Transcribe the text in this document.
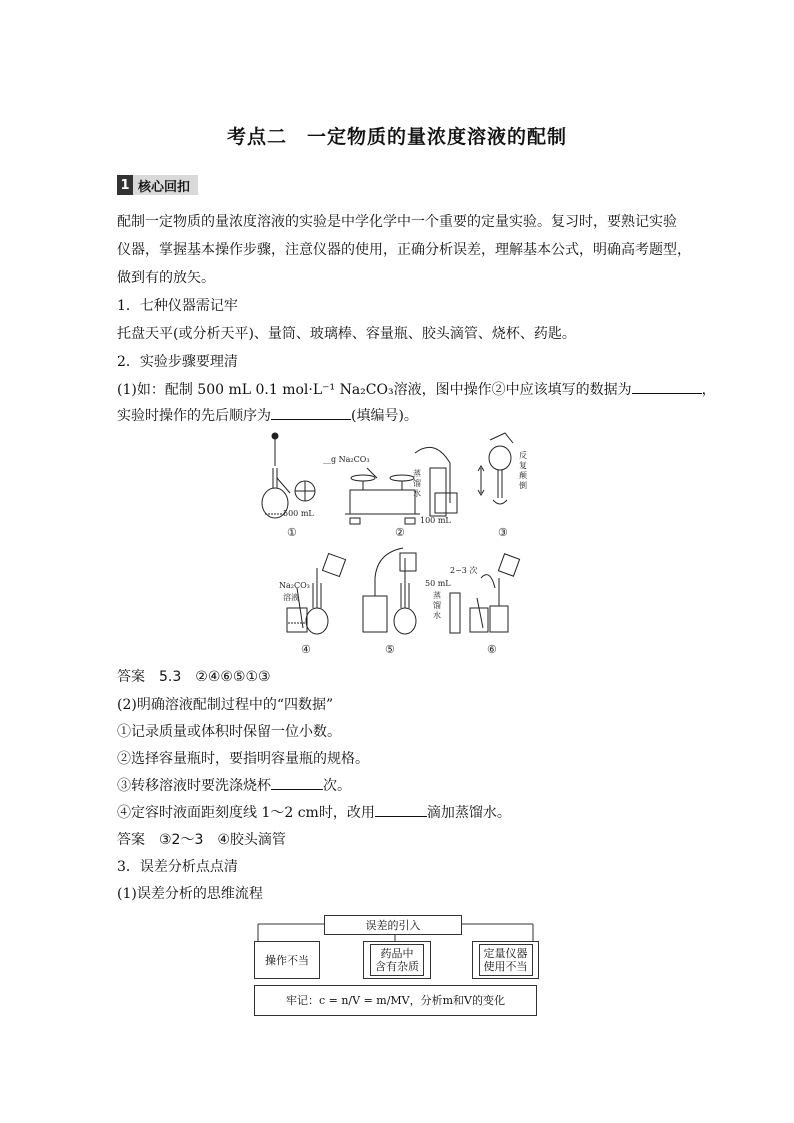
考点二　一定物质的量浓度溶液的配制
1 核心回扣
配制一定物质的量浓度溶液的实验是中学化学中一个重要的定量实验。复习时，要熟记实验
仪器，掌握基本操作步骤，注意仪器的使用，正确分析误差，理解基本公式，明确高考题型，
做到有的放矢。
1．七种仪器需记牢
托盘天平(或分析天平)、量筒、玻璃棒、容量瓶、胶头滴管、烧杯、药匙。
2．实验步骤要理清
(1)如：配制 500 mL 0.1 mol·L⁻¹ Na₂CO₃溶液，图中操作②中应该填写的数据为	，
实验时操作的先后顺序为	(填编号)。
500 mL
__g Na₂CO₃
蒸
馏
水
100 mL
反
复
颠
倒
Na₂CO₃
溶液
50 mL
2~3 次
蒸
馏
水
①	②	③
④	⑤	⑥
答案　5.3　②④⑥⑤①③
(2)明确溶液配制过程中的“四数据”
①记录质量或体积时保留一位小数。
②选择容量瓶时，要指明容量瓶的规格。
③转移溶液时要洗涤烧杯	次。
④定容时液面距刻度线 1～2 cm时，改用	滴加蒸馏水。
答案　③2～3　④胶头滴管
3．误差分析点点清
(1)误差分析的思维流程
误差的引入
操作不当	药品中
含有杂质
定量仪器
使用不当
牢记：c = n/V = m/MV，分析m和V的变化
